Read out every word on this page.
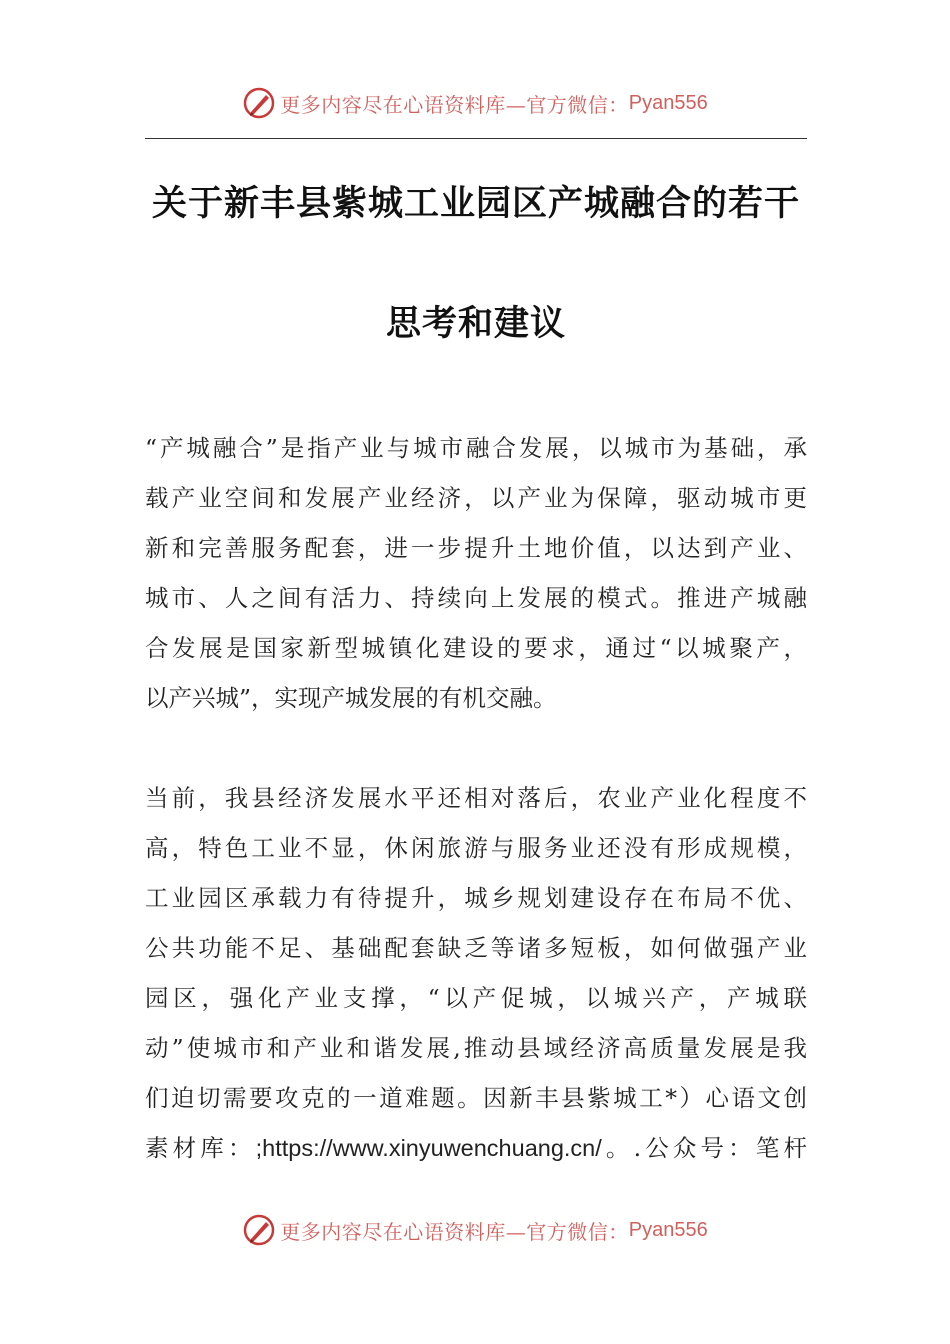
更多内容尽在心语资料库—官方微信： Pyan556
关于新丰县紫城工业园区产城融合的若干
思考和建议
“产城融合”是指产业与城市融合发展，以城市为基础，承
载产业空间和发展产业经济，以产业为保障，驱动城市更
新和完善服务配套，进一步提升土地价值，以达到产业、
城市、人之间有活力、持续向上发展的模式。推进产城融
合发展是国家新型城镇化建设的要求，通过“以城聚产，
以产兴城”，实现产城发展的有机交融。
当前，我县经济发展水平还相对落后，农业产业化程度不
高，特色工业不显，休闲旅游与服务业还没有形成规模，
工业园区承载力有待提升，城乡规划建设存在布局不优、
公共功能不足、基础配套缺乏等诸多短板，如何做强产业
园区，强化产业支撑，“以产促城，以城兴产，产城联
动”使城市和产业和谐发展,推动县域经济高质量发展是我
们迫切需要攻克的一道难题。因新丰县紫城工*）心语文创
素材库：;https://www.xinyuwenchuang.cn/。.公众号：笔杆
更多内容尽在心语资料库—官方微信： Pyan556
